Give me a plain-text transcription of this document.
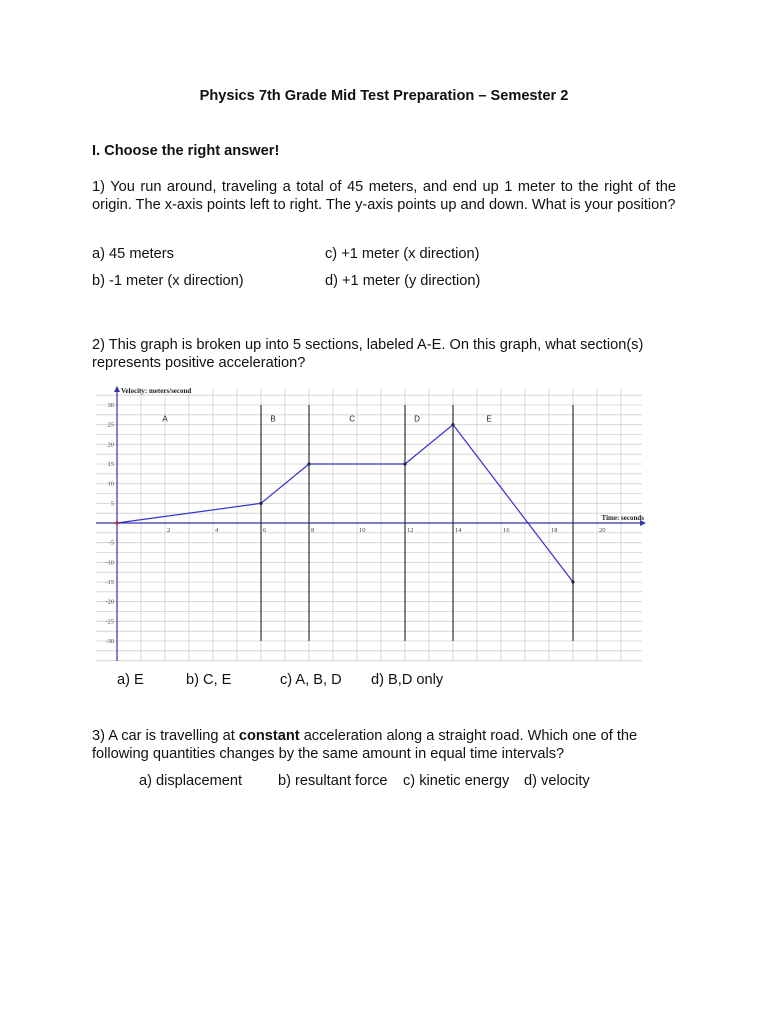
Physics 7th Grade Mid Test Preparation – Semester 2
I. Choose the right answer!
1) You run around, traveling a total of 45 meters, and end up 1 meter to the right of the origin. The x-axis points left to right. The y-axis points up and down. What is your position?
a) 45 meters	c) +1 meter (x direction)
b) -1 meter (x direction)	d) +1 meter (y direction)
2) This graph is broken up into 5 sections, labeled A-E. On this graph, what section(s) represents positive acceleration?
A	B	C	D	E
30
25
20
15
10
5
-5
-10
-15
-20
-25
-30
2	4	6	8	10	12	14	16	18	20
Velocity: meters/second
Time: seconds
a) E	b) C, E	c) A, B, D d) B,D only
3) A car is travelling at constant acceleration along a straight road. Which one of the following quantities changes by the same amount in equal time intervals?
a) displacement b) resultant force c) kinetic energy d) velocity
